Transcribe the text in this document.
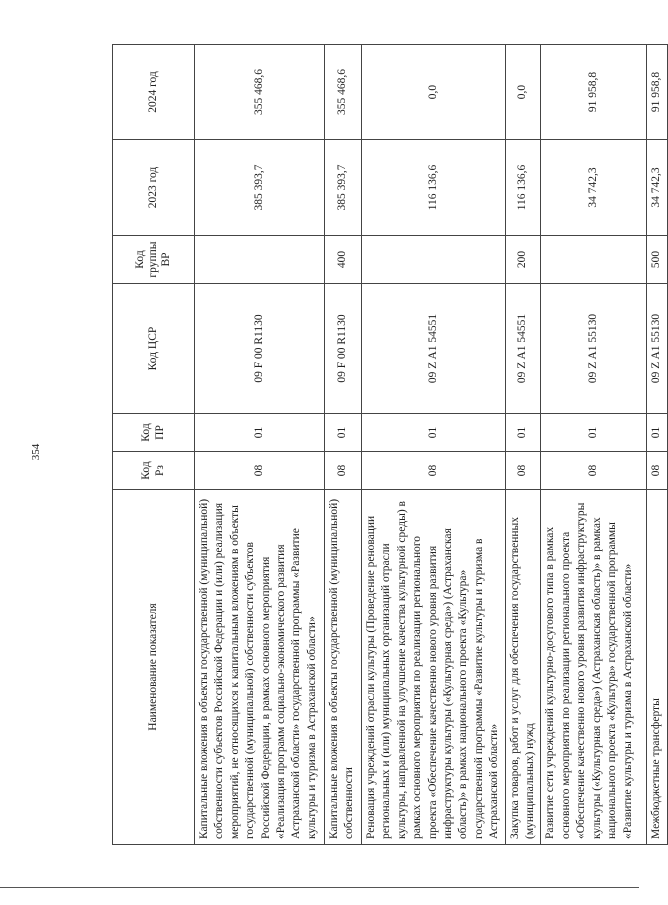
354
Наименование показателя	Код Рз	Код ПР	Код ЦСР	Код группы ВР	2023 год	2024 год
Капитальные вложения в объекты государственной (муниципальной) собственности субъектов Российской Федерации и (или) реализация мероприятий, не относящихся к капитальным вложениям в объекты государственной (муниципальной) собственности субъектов Российской Федерации, в рамках основного мероприятия «Реализация программ социально-экономического развития Астраханской области» государственной программы «Развитие культуры и туризма в Астраханской области»	08	01	09 F 00 R1130		385 393,7	355 468,6
Капитальные вложения в объекты государственной (муниципальной) собственности	08	01	09 F 00 R1130	400	385 393,7	355 468,6
Реновация учреждений отрасли культуры (Проведение реновации региональных и (или) муниципальных организаций отрасли культуры, направленной на улучшение качества культурной среды) в рамках основного мероприятия по реализации регионального проекта «Обеспечение качественно нового уровня развития инфраструктуры культуры («Культурная среда») (Астраханская область)» в рамках национального проекта «Культура» государственной программы «Развитие культуры и туризма в Астраханской области»	08	01	09 Z A1 54551		116 136,6	0,0
Закупка товаров, работ и услуг для обеспечения государственных (муниципальных) нужд	08	01	09 Z A1 54551	200	116 136,6	0,0
Развитие сети учреждений культурно-досугового типа в рамках основного мероприятия по реализации регионального проекта «Обеспечение качественно нового уровня развития инфраструктуры культуры («Культурная среда») (Астраханская область)» в рамках национального проекта «Культура» государственной программы «Развитие культуры и туризма в Астраханской области»	08	01	09 Z A1 55130		34 742,3	91 958,8
Межбюджетные трансферты	08	01	09 Z A1 55130	500	34 742,3	91 958,8
